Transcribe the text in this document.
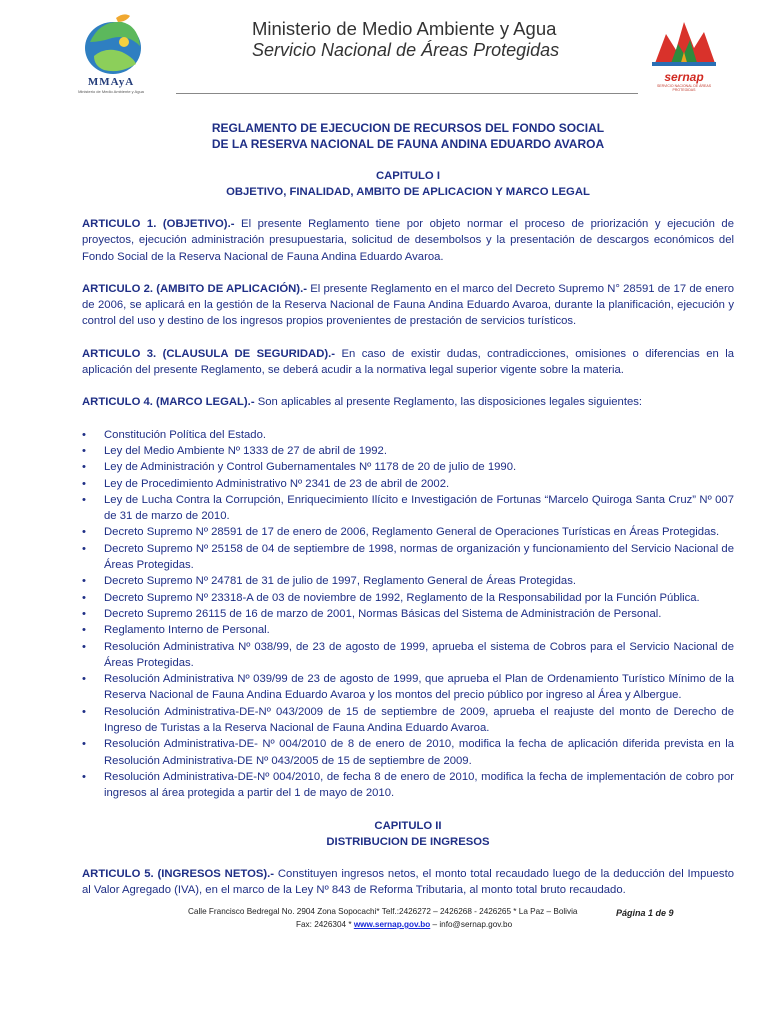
MMAyA
Ministerio de Medio Ambiente y Agua
Ministerio de Medio Ambiente y Agua
Servicio Nacional de Áreas Protegidas
sernap
SERVICIO NACIONAL DE ÁREAS PROTEGIDAS

REGLAMENTO DE EJECUCION DE RECURSOS DEL FONDO SOCIAL

DE LA RESERVA NACIONAL DE FAUNA ANDINA EDUARDO AVAROA

CAPITULO I

OBJETIVO, FINALIDAD, AMBITO DE APLICACION Y MARCO LEGAL

ARTICULO 1. (OBJETIVO).- El presente Reglamento tiene por objeto normar el proceso de priorización y ejecución de proyectos, ejecución administración presupuestaria, solicitud de desembolsos y la presentación de descargos económicos del Fondo Social de la Reserva Nacional de Fauna Andina Eduardo Avaroa.

ARTICULO 2. (AMBITO DE APLICACIÓN).- El presente Reglamento en el marco del Decreto Supremo N° 28591 de 17 de enero de 2006, se aplicará en la gestión de la Reserva Nacional de Fauna Andina Eduardo Avaroa, durante la planificación, ejecución y control del uso y destino de los ingresos propios provenientes de prestación de servicios turísticos.

ARTICULO 3. (CLAUSULA DE SEGURIDAD).- En caso de existir dudas, contradicciones, omisiones o diferencias en la aplicación del presente Reglamento, se deberá acudir a la normativa legal superior vigente sobre la materia.

ARTICULO 4. (MARCO LEGAL).- Son aplicables al presente Reglamento, las disposiciones legales siguientes:

•	Constitución Política del Estado.
•	Ley del Medio Ambiente Nº 1333 de 27 de abril de 1992.
•	Ley de Administración y Control Gubernamentales Nº 1178 de 20 de julio de 1990.
•	Ley de Procedimiento Administrativo Nº 2341 de 23 de abril de 2002.
•	Ley de Lucha Contra la Corrupción, Enriquecimiento Ilícito e Investigación de Fortunas “Marcelo Quiroga Santa Cruz” Nº 007 de 31 de marzo de 2010.
•	Decreto Supremo Nº 28591 de 17 de enero de 2006, Reglamento General de Operaciones Turísticas en Áreas Protegidas.
•	Decreto Supremo Nº 25158 de 04 de septiembre de 1998, normas de organización y funcionamiento del Servicio Nacional de Áreas Protegidas.
•	Decreto Supremo Nº 24781 de 31 de julio de 1997, Reglamento General de Áreas Protegidas.
•	Decreto Supremo Nº 23318-A de 03 de noviembre de 1992, Reglamento de la Responsabilidad por la Función Pública.
•	Decreto Supremo 26115 de 16 de marzo de 2001, Normas Básicas del Sistema de Administración de Personal.
•	Reglamento Interno de Personal.
•	Resolución Administrativa Nº 038/99, de 23 de agosto de 1999, aprueba el sistema de Cobros para el Servicio Nacional de Áreas Protegidas.
•	Resolución Administrativa Nº 039/99 de 23 de agosto de 1999, que aprueba el Plan de Ordenamiento Turístico Mínimo de la Reserva Nacional de Fauna Andina Eduardo Avaroa y los montos del precio público por ingreso al Área y Albergue.
•	Resolución Administrativa-DE-Nº 043/2009 de 15 de septiembre de 2009, aprueba el reajuste del monto de Derecho de Ingreso de Turistas a la Reserva Nacional de Fauna Andina Eduardo Avaroa.
•	Resolución Administrativa-DE- Nº 004/2010 de 8 de enero de 2010, modifica la fecha de aplicación diferida prevista en la Resolución Administrativa-DE Nº 043/2005 de 15 de septiembre de 2009.
•	Resolución Administrativa-DE-Nº 004/2010, de fecha 8 de enero de 2010, modifica la fecha de implementación de cobro por ingresos al área protegida a partir del 1 de mayo de 2010.

CAPITULO II

DISTRIBUCION DE INGRESOS

ARTICULO 5. (INGRESOS NETOS).- Constituyen ingresos netos, el monto total recaudado luego de la deducción del Impuesto al Valor Agregado (IVA), en el marco de la Ley Nº 843 de Reforma Tributaria, al monto total bruto recaudado.

Calle Francisco Bedregal No. 2904 Zona Sopocachi* Telf.:2426272 – 2426268 - 2426265 * La Paz – Bolivia
Fax: 2426304 * www.sernap.gov.bo – info@sernap.gov.bo
Página 1 de 9
